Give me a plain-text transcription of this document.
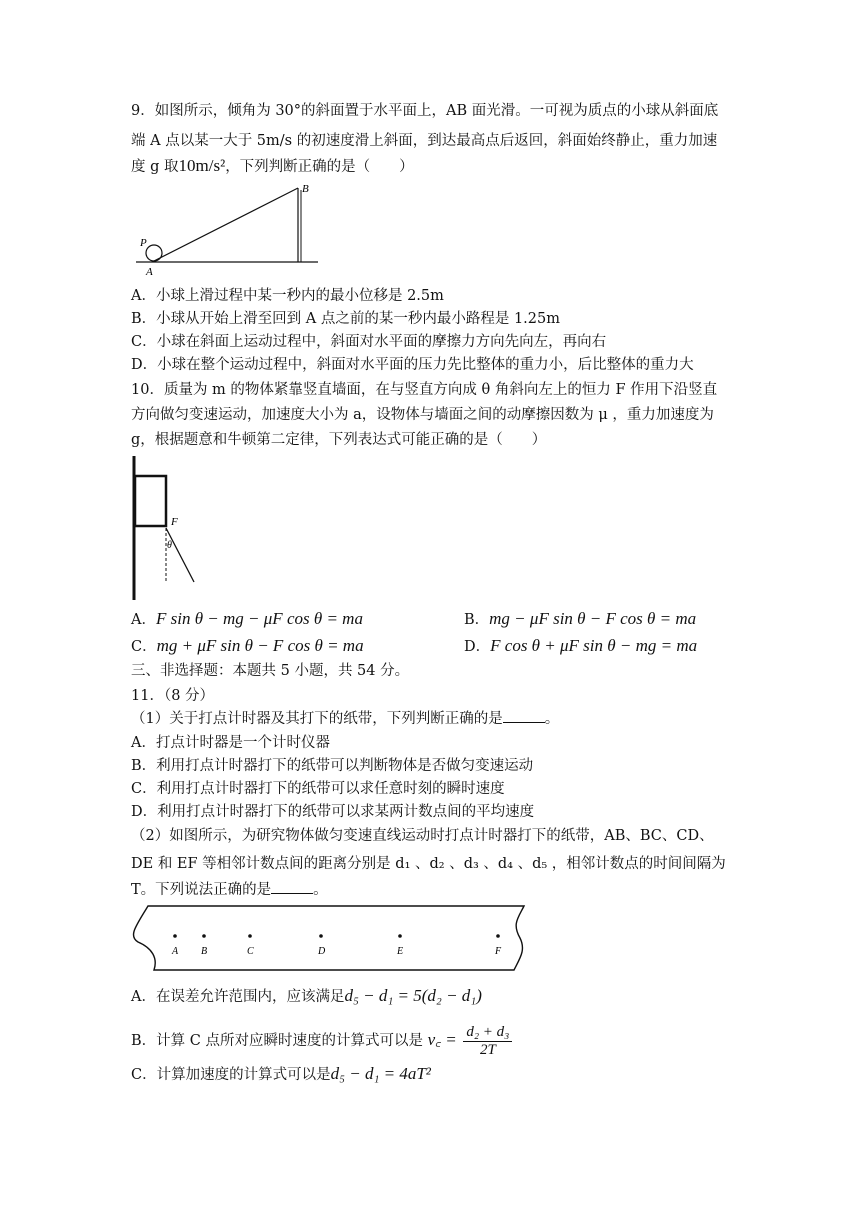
9．如图所示，倾角为 30°的斜面置于水平面上，AB 面光滑。一可视为质点的小球从斜面底
端 A 点以某一大于 5m/s 的初速度滑上斜面，到达最高点后返回，斜面始终静止，重力加速
度 g 取10m/s²，下列判断正确的是（　　）
B
P
A
A．小球上滑过程中某一秒内的最小位移是 2.5m
B．小球从开始上滑至回到 A 点之前的某一秒内最小路程是 1.25m
C．小球在斜面上运动过程中，斜面对水平面的摩擦力方向先向左，再向右
D．小球在整个运动过程中，斜面对水平面的压力先比整体的重力小，后比整体的重力大
10．质量为 m 的物体紧靠竖直墙面，在与竖直方向成 θ 角斜向左上的恒力 F 作用下沿竖直
方向做匀变速运动，加速度大小为 a，设物体与墙面之间的动摩擦因数为 μ ，重力加速度为
g，根据题意和牛顿第二定律，下列表达式可能正确的是（　　）
F
θ
A．F sin θ − mg − μF cos θ = ma	B．mg − μF sin θ − F cos θ = ma
C．mg + μF sin θ − F cos θ = ma	D．F cos θ + μF sin θ − mg = ma
三、非选择题：本题共 5 小题，共 54 分。
11．（8 分）
（1）关于打点计时器及其打下的纸带，下列判断正确的是	。
A．打点计时器是一个计时仪器
B．利用打点计时器打下的纸带可以判断物体是否做匀变速运动
C．利用打点计时器打下的纸带可以求任意时刻的瞬时速度
D．利用打点计时器打下的纸带可以求某两计数点间的平均速度
（2）如图所示，为研究物体做匀变速直线运动时打点计时器打下的纸带，AB、BC、CD、
DE 和 EF 等相邻计数点间的距离分别是 d₁ 、d₂ 、d₃ 、d₄ 、d₅ ，相邻计数点的时间间隔为
T。下列说法正确的是	。
A B	C	D	E	F
A．在误差允许范围内，应该满足d₅ − d₁ = 5(d₂ − d₁)
B．计算 C 点所对应瞬时速度的计算式可以是 v꜀ = $\frac{\text{d₂ + d₃}}{2T}$
C．计算加速度的计算式可以是d₅ − d₁ = 4aT²
